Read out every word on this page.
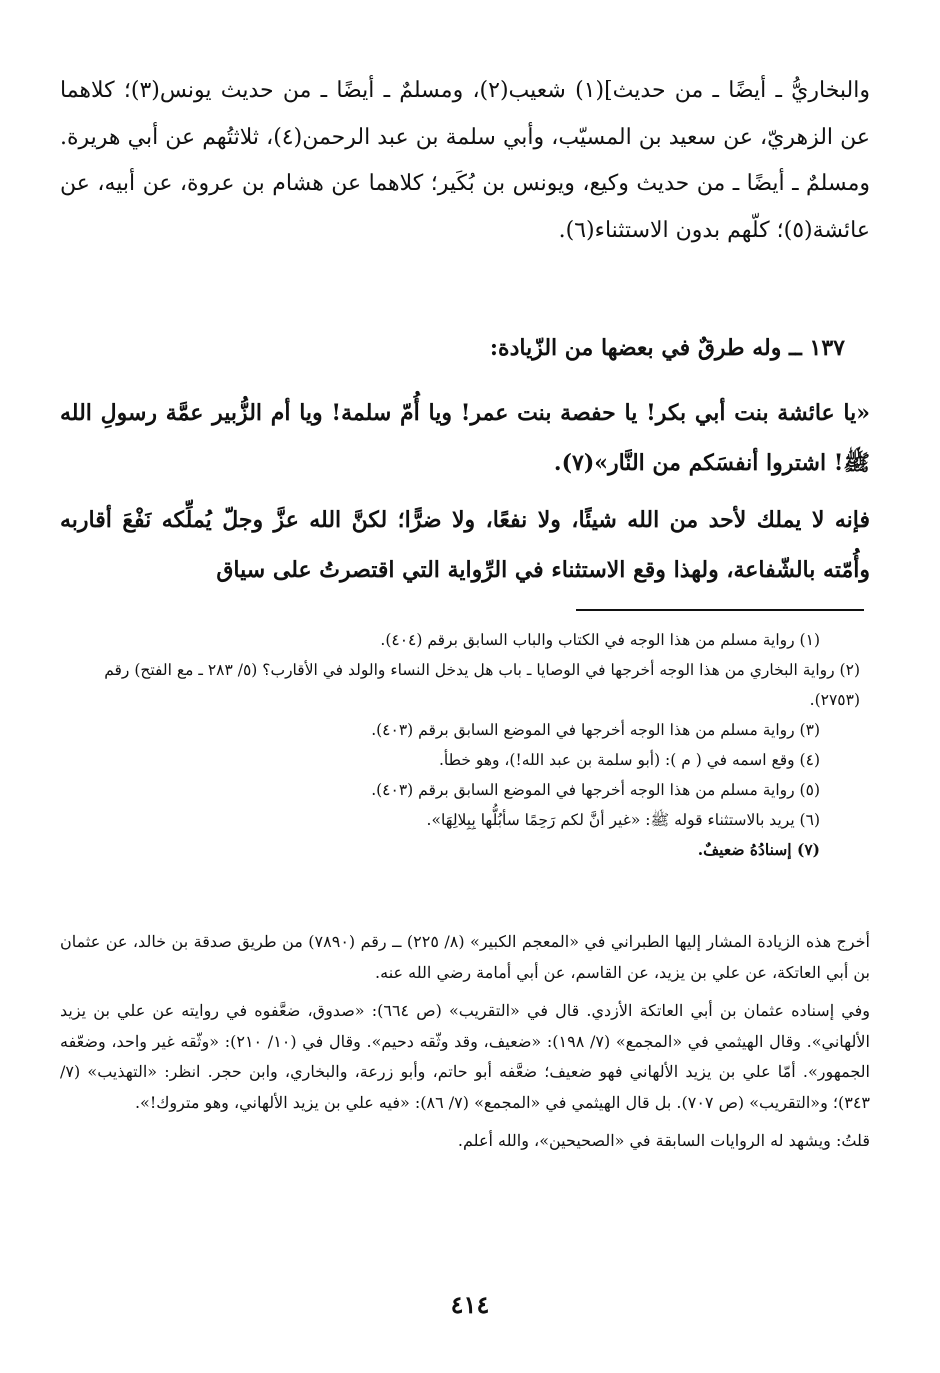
والبخاريُّ ـ أيضًا ـ من حديث](١) شعيب(٢)، ومسلمٌ ـ أيضًا ـ من حديث يونس(٣)؛ كلاهما عن الزهريّ، عن سعيد بن المسيّب، وأبي سلمة بن عبد الرحمن(٤)، ثلاثتُهم عن أبي هريرة. ومسلمٌ ـ أيضًا ـ من حديث وكيع، ويونس بن بُكَير؛ كلاهما عن هشام بن عروة، عن أبيه، عن عائشة(٥)؛ كلّهم بدون الاستثناء(٦).

١٣٧ ــ وله طرقٌ في بعضها من الزّيادة:
«يا عائشة بنت أبي بكر! يا حفصة بنت عمر! ويا أُمّ سلمة! ويا أم الزُّبير عمَّة رسولِ الله ﷺ! اشتروا أنفسَكم من النَّار»(٧).
فإنه لا يملك لأحد من الله شيئًا، ولا نفعًا، ولا ضرًّا؛ لكنَّ الله عزَّ وجلّ يُملِّكه نَفْعَ أقاربه وأُمّته بالشّفاعة، ولهذا وقع الاستثناء في الرِّواية التي اقتصرتُ على سياق

(١) رواية مسلم من هذا الوجه في الكتاب والباب السابق برقم (٤٠٤).

(٢) رواية البخاري من هذا الوجه أخرجها في الوصايا ـ باب هل يدخل النساء والولد في الأقارب؟ (٥/ ٢٨٣ ـ مع الفتح) رقم (٢٧٥٣).

(٣) رواية مسلم من هذا الوجه أخرجها في الموضع السابق برقم (٤٠٣).

(٤) وقع اسمه في ( م ): (أبو سلمة بن عبد الله!)، وهو خطأ.

(٥) رواية مسلم من هذا الوجه أخرجها في الموضع السابق برقم (٤٠٣).

(٦) يريد بالاستثناء قوله ﷺ: «غير أنَّ لكم رَحِمًا سأبُلُّها بِبِلالِهَا».

(٧) إسنادُهُ ضعيفٌ.

أخرج هذه الزيادة المشار إليها الطبراني في «المعجم الكبير» (٨/ ٢٢٥) ــ رقم (٧٨٩٠) من طريق صدقة بن خالد، عن عثمان بن أبي العاتكة، عن علي بن يزيد، عن القاسم، عن أبي أمامة رضي الله عنه.

وفي إسناده عثمان بن أبي العاتكة الأزدي. قال في «التقريب» (ص ٦٦٤): «صدوق، ضعَّفوه في روايته عن علي بن يزيد الألهاني». وقال الهيثمي في «المجمع» (٧/ ١٩٨): «ضعيف، وقد وثّقه دحيم». وقال في (١٠/ ٢١٠): «وثّقه غير واحد، وضعّفه الجمهور». أمّا علي بن يزيد الألهاني فهو ضعيف؛ ضعَّفه أبو حاتم، وأبو زرعة، والبخاري، وابن حجر. انظر: «التهذيب» (٧/ ٣٤٣)؛ و«التقريب» (ص ٧٠٧). بل قال الهيثمي في «المجمع» (٧/ ٨٦): «فيه علي بن يزيد الألهاني، وهو متروك!».

قلتُ: ويشهد له الروايات السابقة في «الصحيحين»، والله أعلم.

٤١٤
